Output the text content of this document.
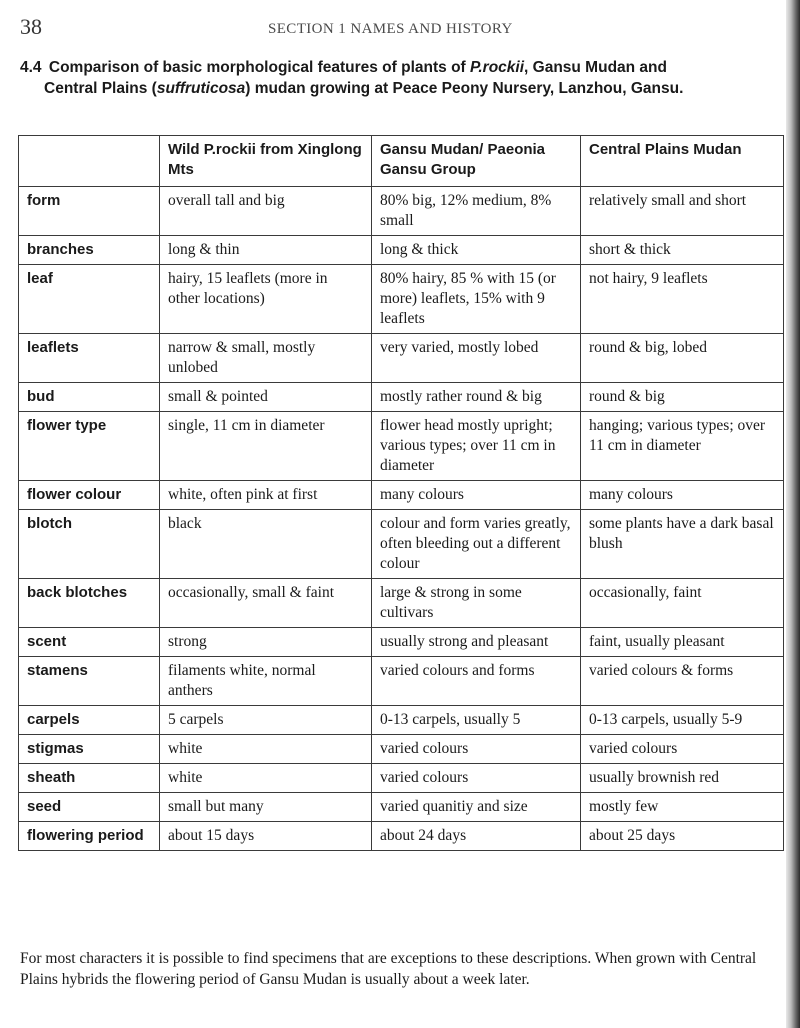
38	SECTION 1 NAMES AND HISTORY
4.4 Comparison of basic morphological features of plants of P.rockii, Gansu Mudan and
Central Plains (suffruticosa) mudan growing at Peace Peony Nursery, Lanzhou, Gansu.
	Wild P.rockii from Xinglong Mts	Gansu Mudan/ Paeonia Gansu Group	Central Plains Mudan
form	overall tall and big	80% big, 12% medium, 8% small	relatively small and short
branches	long & thin	long & thick	short & thick
leaf	hairy, 15 leaflets (more in other locations)	80% hairy, 85 % with 15 (or more) leaflets, 15% with 9 leaflets	not hairy, 9 leaflets
leaflets	narrow & small, mostly unlobed	very varied, mostly lobed	round & big, lobed
bud	small & pointed	mostly rather round & big	round & big
flower type	single, 11 cm in diameter	flower head mostly upright; various types; over 11 cm in diameter	hanging; various types; over 11 cm in diameter
flower colour	white, often pink at first	many colours	many colours
blotch	black	colour and form varies greatly, often bleeding out a different colour	some plants have a dark basal blush
back blotches	occasionally, small & faint	large & strong in some cultivars	occasionally, faint
scent	strong	usually strong and pleasant	faint, usually pleasant
stamens	filaments white, normal anthers	varied colours and forms	varied colours & forms
carpels	5 carpels	0-13 carpels, usually 5	0-13 carpels, usually 5-9
stigmas	white	varied colours	varied colours
sheath	white	varied colours	usually brownish red
seed	small but many	varied quanitiy and size	mostly few
flowering period	about 15 days	about 24 days	about 25 days
For most characters it is possible to find specimens that are exceptions to these descriptions. When grown with Central Plains hybrids the flowering period of Gansu Mudan is usually about a week later.
